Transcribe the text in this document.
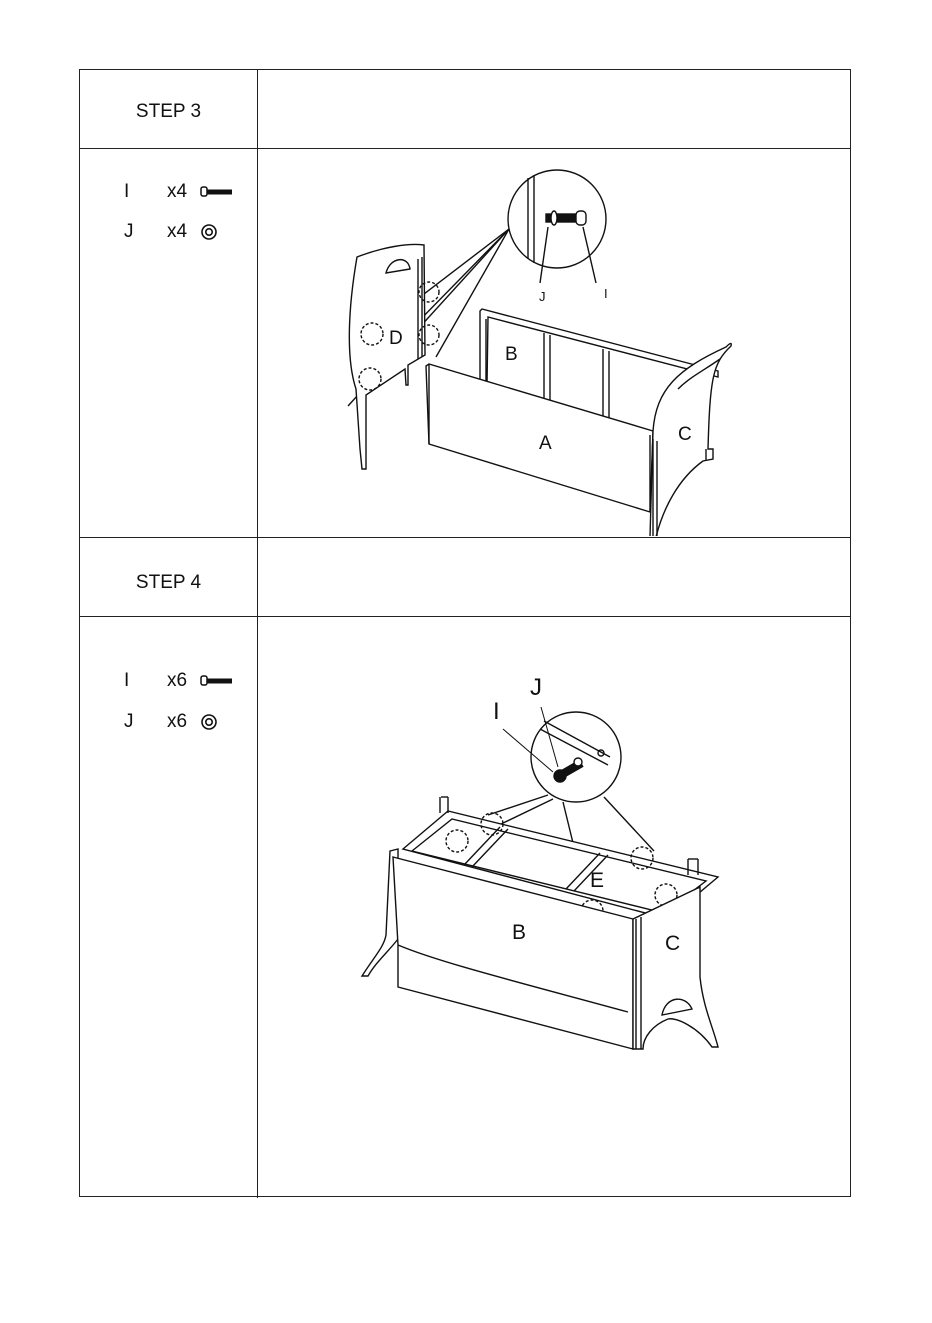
STEP 3
I x4
J x4
J	I
D
B
A	C
STEP 4
I x6
J x6	I
J
E
B	C
